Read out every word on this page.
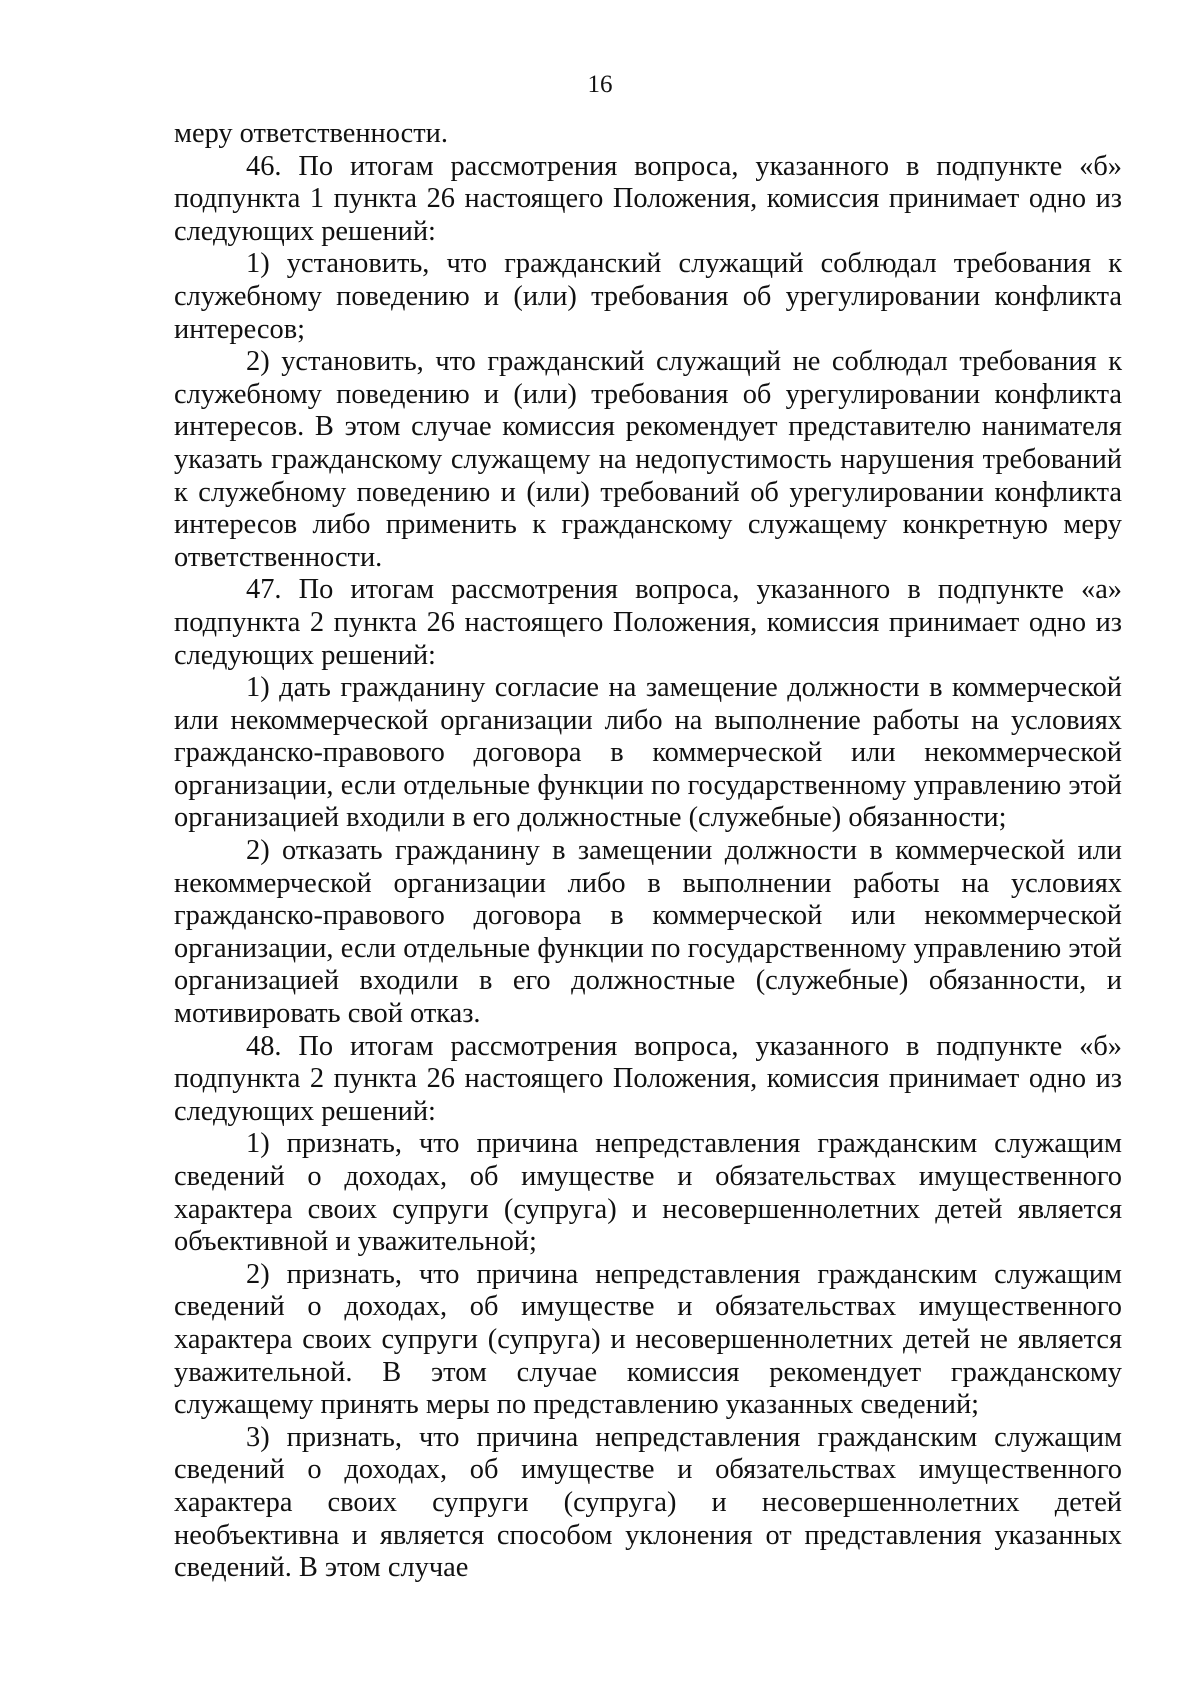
16

меру ответственности.

46. По итогам рассмотрения вопроса, указанного в подпункте «б» подпункта 1 пункта 26 настоящего Положения, комиссия принимает одно из следующих решений:

1) установить, что гражданский служащий соблюдал требования к служебному поведению и (или) требования об урегулировании конфликта интересов;

2) установить, что гражданский служащий не соблюдал требования к служебному поведению и (или) требования об урегулировании конфликта интересов. В этом случае комиссия рекомендует представителю нанимателя указать гражданскому служащему на недопустимость нарушения требований к служебному поведению и (или) требований об урегулировании конфликта интересов либо применить к гражданскому служащему конкретную меру ответственности.

47. По итогам рассмотрения вопроса, указанного в подпункте «а» подпункта 2 пункта 26 настоящего Положения, комиссия принимает одно из следующих решений:

1) дать гражданину согласие на замещение должности в коммерческой или некоммерческой организации либо на выполнение работы на условиях гражданско-правового договора в коммерческой или некоммерческой организации, если отдельные функции по государственному управлению этой организацией входили в его должностные (служебные) обязанности;

2) отказать гражданину в замещении должности в коммерческой или некоммерческой организации либо в выполнении работы на условиях гражданско-правового договора в коммерческой или некоммерческой организации, если отдельные функции по государственному управлению этой организацией входили в его должностные (служебные) обязанности, и мотивировать свой отказ.

48. По итогам рассмотрения вопроса, указанного в подпункте «б» подпункта 2 пункта 26 настоящего Положения, комиссия принимает одно из следующих решений:

1) признать, что причина непредставления гражданским служащим сведений о доходах, об имуществе и обязательствах имущественного характера своих супруги (супруга) и несовершеннолетних детей является объективной и уважительной;

2) признать, что причина непредставления гражданским служащим сведений о доходах, об имуществе и обязательствах имущественного характера своих супруги (супруга) и несовершеннолетних детей не является уважительной. В этом случае комиссия рекомендует гражданскому служащему принять меры по представлению указанных сведений;

3) признать, что причина непредставления гражданским служащим сведений о доходах, об имуществе и обязательствах имущественного характера своих супруги (супруга) и несовершеннолетних детей необъективна и является способом уклонения от представления указанных сведений. В этом случае
